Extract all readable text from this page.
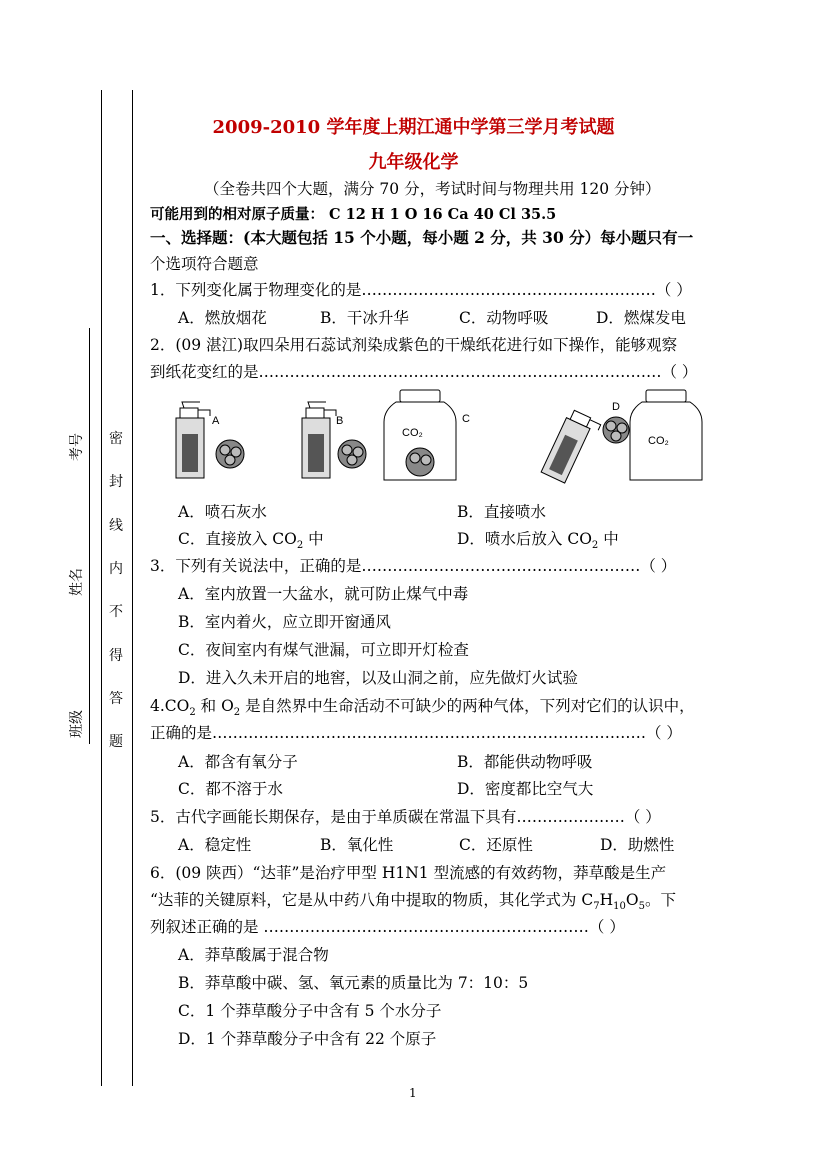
考号
姓名
班级
密
封
线
内
不
得
答
题
2009-2010 学年度上期江通中学第三学月考试题
九年级化学
（全卷共四个大题，满分 70 分，考试时间与物理共用 120 分钟）
可能用到的相对原子质量： C 12 H 1 O 16 Ca 40 Cl 35.5
一、选择题：(本大题包括 15 个小题，每小题 2 分，共 30 分）每小题只有一
个选项符合题意
1．下列变化属于物理变化的是…………………………………………………（ ）
A．燃放烟花	B．干冰升华	C．动物呼吸	D．燃煤发电
2．(09 湛江)取四朵用石蕊试剂染成紫色的干燥纸花进行如下操作，能够观察
到纸花变红的是……………………………………………………………………（ ）
A	B
CO₂
C
D
CO₂
A．喷石灰水	B．直接喷水
C．直接放入 $CO_2$ 中	D．喷水后放入 $CO_2$ 中
3．下列有关说法中，正确的是………………………………………………（ ）
A．室内放置一大盆水，就可防止煤气中毒
B．室内着火，应立即开窗通风
C．夜间室内有煤气泄漏，可立即开灯检查
D．进入久未开启的地窖，以及山洞之前，应先做灯火试验
$4.CO_2$ 和 $O_2$ 是自然界中生命活动不可缺少的两种气体，下列对它们的认识中，
正确的是…………………………………………………………………………（ ）
A．都含有氧分子	B．都能供动物呼吸
C．都不溶于水	D．密度都比空气大
5．古代字画能长期保存，是由于单质碳在常温下具有…………………（ ）
A．稳定性	B．氧化性	C．还原性	D．助燃性
6．(09 陕西）“达菲”是治疗甲型 H1N1 型流感的有效药物，莽草酸是生产
“达菲的关键原料，它是从中药八角中提取的物质，其化学式为 $C_7H_{10}O_5$。下
列叙述正确的是 ………………………………………………………（ ）
A．莽草酸属于混合物
B．莽草酸中碳、氢、氧元素的质量比为 7：10：5
C．1 个莽草酸分子中含有 5 个水分子
D．1 个莽草酸分子中含有 22 个原子
1
